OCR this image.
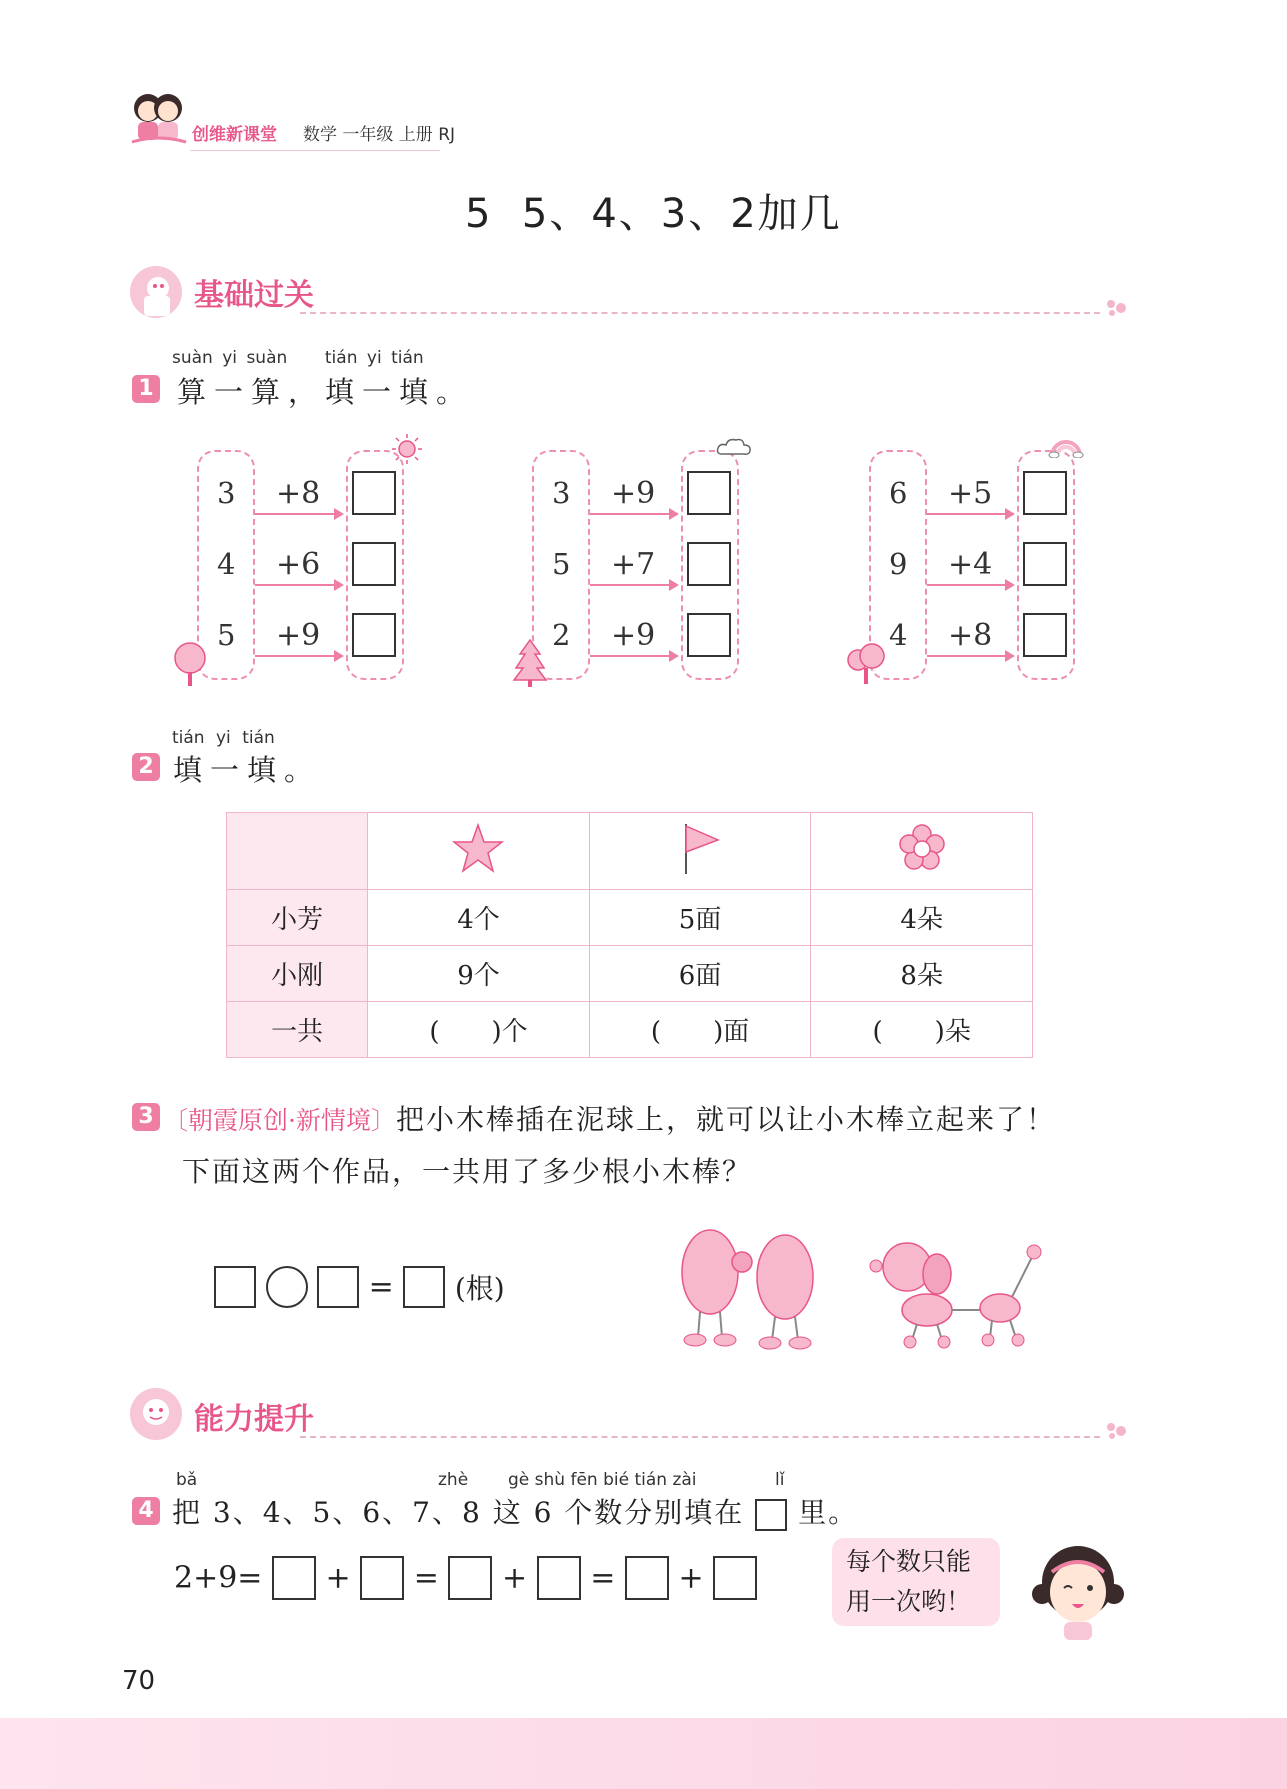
创维新课堂 数学 一年级 上册 RJ
5  5、4、3、2加几
基础过关
suàn yi suàn tián yi tián
1 算一算，填一填。
3 +8
4 +6
5 +9
3 +9
5 +7
2 +9
6 +5
9 +4
4 +8
tián yi tián
2 填一填。

小芳	4个	5面	4朵
小刚	9个	6面	8朵
一共	(　　)个	(　　)面	(　　)朵
3 〔朝霞原创·新情境〕把小木棒插在泥球上，就可以让小木棒立起来了！
下面这两个作品，一共用了多少根小木棒？
= (根)
能力提升
bǎ	zhè gè shù fēn bié tián zài	lǐ
4 把 3、4、5、6、7、8 这 6 个数分别填在 里。
2+9= + = + = +	每个数只能
用一次哟！
70
